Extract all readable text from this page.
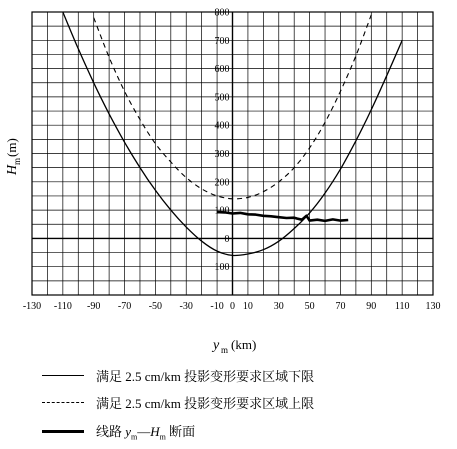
-130 -110 -90 -70 -50 -30 -10 0 10 30 50 70 90 110 130
100
0
100
200
300
400
500
600
700
800
y m (km)
H
m
(m)
满足 2.5 cm/km 投影变形要求区域下限
满足 2.5 cm/km 投影变形要求区域上限
线路 $y_m—H_m$ 断面
